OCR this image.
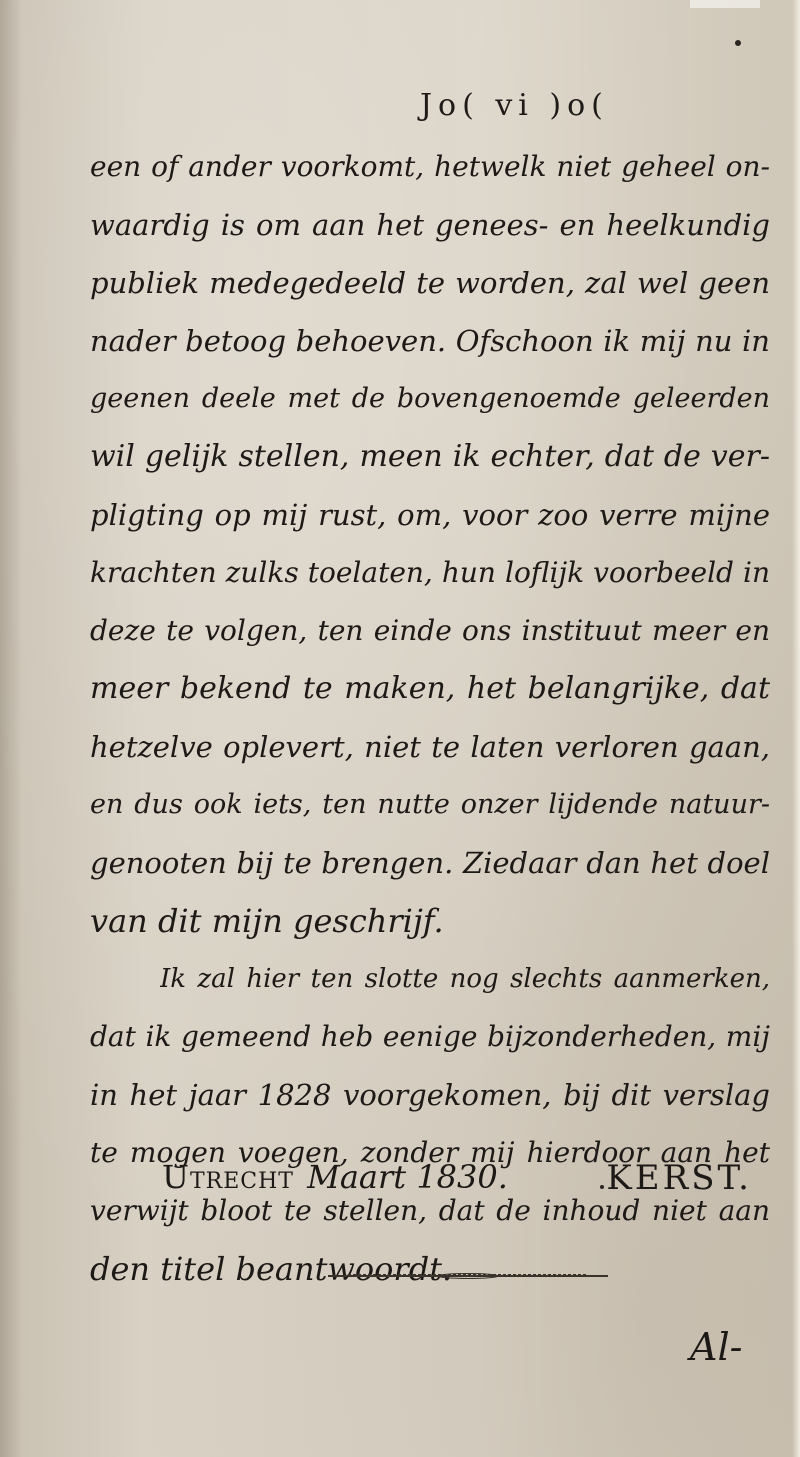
Jo( vi )o(
een of ander voorkomt, hetwelk niet geheel on-
waardig is om aan het genees- en heelkundig
publiek medegedeeld te worden, zal wel geen
nader betoog behoeven. Ofschoon ik mij nu in
geenen deele met de bovengenoemde geleerden
wil gelijk stellen, meen ik echter, dat de ver-
pligting op mij rust, om, voor zoo verre mijne
krachten zulks toelaten, hun loflijk voorbeeld in
deze te volgen, ten einde ons instituut meer en
meer bekend te maken, het belangrijke, dat
hetzelve oplevert, niet te laten verloren gaan,
en dus ook iets, ten nutte onzer lijdende natuur-
genooten bij te brengen. Ziedaar dan het doel
van dit mijn geschrijf.
Ik zal hier ten slotte nog slechts aanmerken,
dat ik gemeend heb eenige bijzonderheden, mij
in het jaar 1828 voorgekomen, bij dit verslag
te mogen voegen, zonder mij hierdoor aan het
verwijt bloot te stellen, dat de inhoud niet aan
den titel beantwoordt.
Utrecht Maart 1830.	KERST.
Al-
